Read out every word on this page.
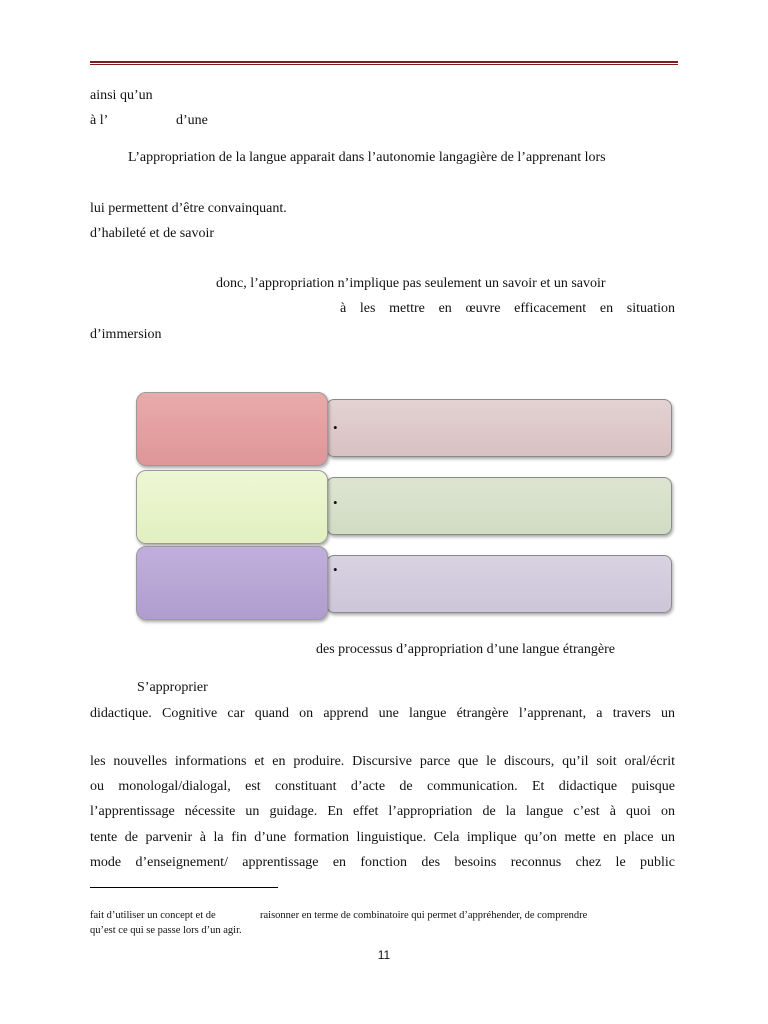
ainsi qu’un
à l’	d’une
L’appropriation de la langue apparait dans l’autonomie langagière de l’apprenant lors
lui permettent d’être convainquant.
d’habileté et de savoir
donc, l’appropriation n’implique pas seulement un savoir et un savoir
à les mettre en œuvre efficacement en situation
d’immersion
•
•
•
des processus d’appropriation d’une langue étrangère
S’approprier
didactique. Cognitive car quand on apprend une langue étrangère l’apprenant, a travers un
les nouvelles informations et en produire. Discursive parce que le discours, qu’il soit oral/écrit
ou monologal/dialogal, est constituant d’acte de communication. Et didactique puisque
l’apprentissage nécessite un guidage. En effet l’appropriation de la langue c’est à quoi on
tente de parvenir à la fin d’une formation linguistique. Cela implique qu’on mette en place un
mode d’enseignement/ apprentissage en fonction des besoins reconnus chez le public
fait d’utiliser un concept et de	raisonner en terme de combinatoire qui permet d’appréhender, de comprendre
qu’est ce qui se passe lors d’un agir.
11
